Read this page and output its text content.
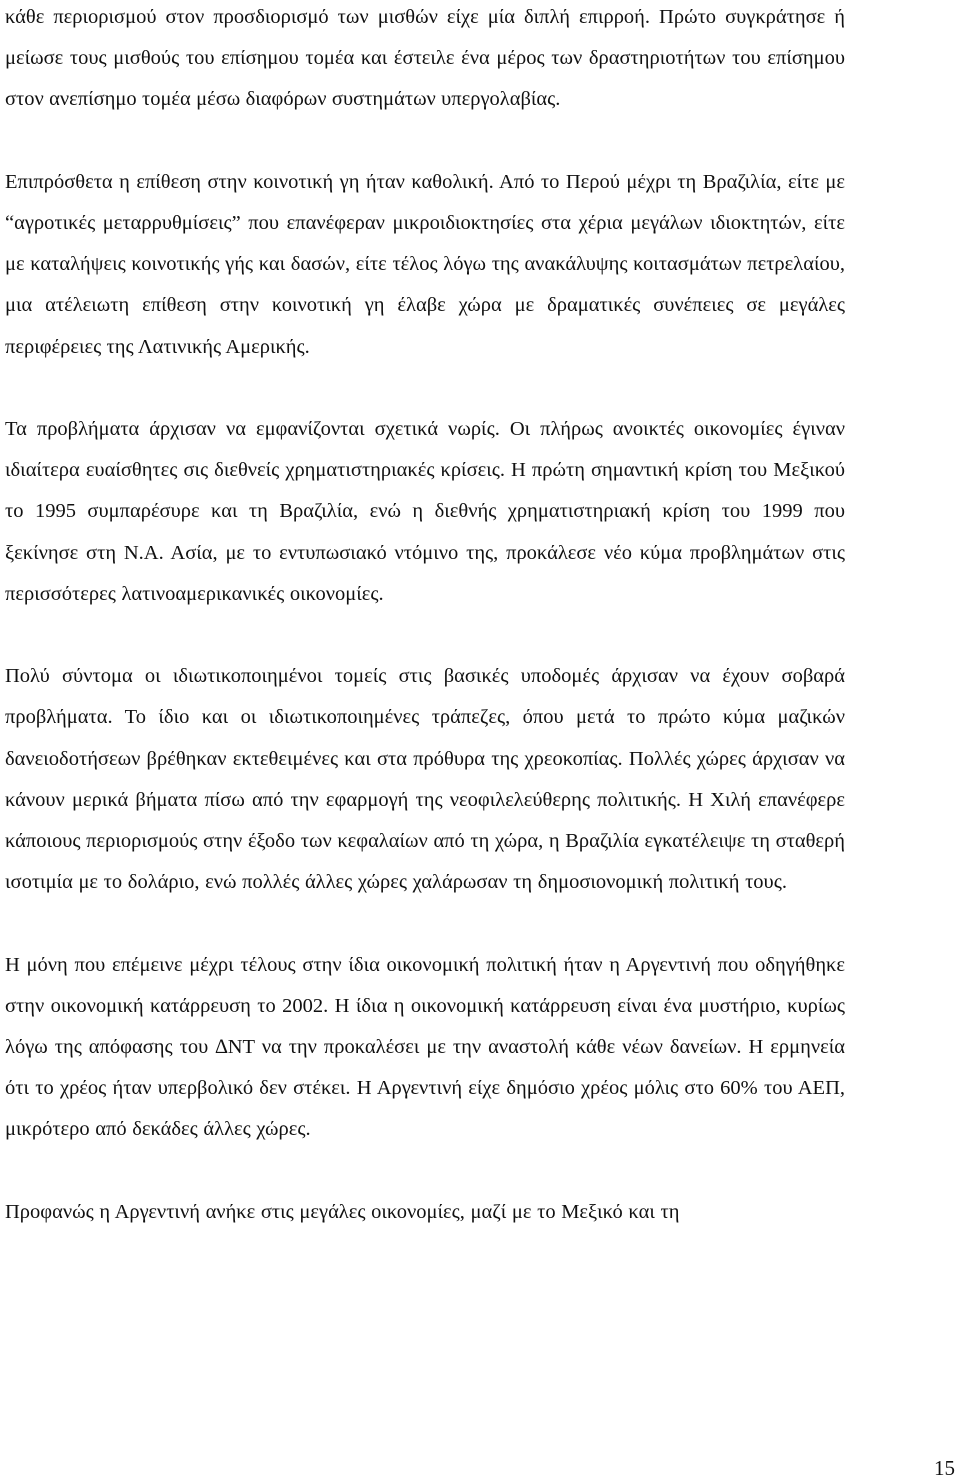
κάθε περιορισμού στον προσδιορισμό των μισθών είχε μία διπλή επιρροή. Πρώτο συγκράτησε ή μείωσε τους μισθούς του επίσημου τομέα και έστειλε ένα μέρος των δραστηριοτήτων του επίσημου στον ανεπίσημο τομέα μέσω διαφόρων συστημάτων υπεργολαβίας.

Επιπρόσθετα η επίθεση στην κοινοτική γη ήταν καθολική. Από το Περού μέχρι τη Βραζιλία, είτε με “αγροτικές μεταρρυθμίσεις” που επανέφεραν μικροιδιοκτησίες στα χέρια μεγάλων ιδιοκτητών, είτε με καταλήψεις κοινοτικής γής και δασών, είτε τέλος λόγω της ανακάλυψης κοιτασμάτων πετρελαίου, μια ατέλειωτη επίθεση στην κοινοτική γη έλαβε χώρα με δραματικές συνέπειες σε μεγάλες περιφέρειες της Λατινικής Αμερικής.

Τα προβλήματα άρχισαν να εμφανίζονται σχετικά νωρίς. Οι πλήρως ανοικτές οικονομίες έγιναν ιδιαίτερα ευαίσθητες σις διεθνείς χρηματιστηριακές κρίσεις. Η πρώτη σημαντική κρίση του Μεξικού το 1995 συμπαρέσυρε και τη Βραζιλία, ενώ η διεθνής χρηματιστηριακή κρίση του 1999 που ξεκίνησε στη Ν.Α. Ασία, με το εντυπωσιακό ντόμινο της, προκάλεσε νέο κύμα προβλημάτων στις περισσότερες λατινοαμερικανικές οικονομίες.

Πολύ σύντομα οι ιδιωτικοποιημένοι τομείς στις βασικές υποδομές άρχισαν να έχουν σοβαρά προβλήματα. Το ίδιο και οι ιδιωτικοποιημένες τράπεζες, όπου μετά το πρώτο κύμα μαζικών δανειοδοτήσεων βρέθηκαν εκτεθειμένες και στα πρόθυρα της χρεοκοπίας. Πολλές χώρες άρχισαν να κάνουν μερικά βήματα πίσω από την εφαρμογή της νεοφιλελεύθερης πολιτικής. Η Χιλή επανέφερε κάποιους περιορισμούς στην έξοδο των κεφαλαίων από τη χώρα, η Βραζιλία εγκατέλειψε τη σταθερή ισοτιμία με το δολάριο, ενώ πολλές άλλες χώρες χαλάρωσαν τη δημοσιονομική πολιτική τους.

Η μόνη που επέμεινε μέχρι τέλους στην ίδια οικονομική πολιτική ήταν η Αργεντινή που οδηγήθηκε στην οικονομική κατάρρευση το 2002. Η ίδια η οικονομική κατάρρευση είναι ένα μυστήριο, κυρίως λόγω της απόφασης του ∆ΝΤ να την προκαλέσει με την αναστολή κάθε νέων δανείων. Η ερμηνεία ότι το χρέος ήταν υπερβολικό δεν στέκει. Η Αργεντινή είχε δημόσιο χρέος μόλις στο 60% του ΑΕΠ, μικρότερο από δεκάδες άλλες χώρες.

Προφανώς η Αργεντινή ανήκε στις μεγάλες οικονομίες, μαζί με το Μεξικό και τη

15
